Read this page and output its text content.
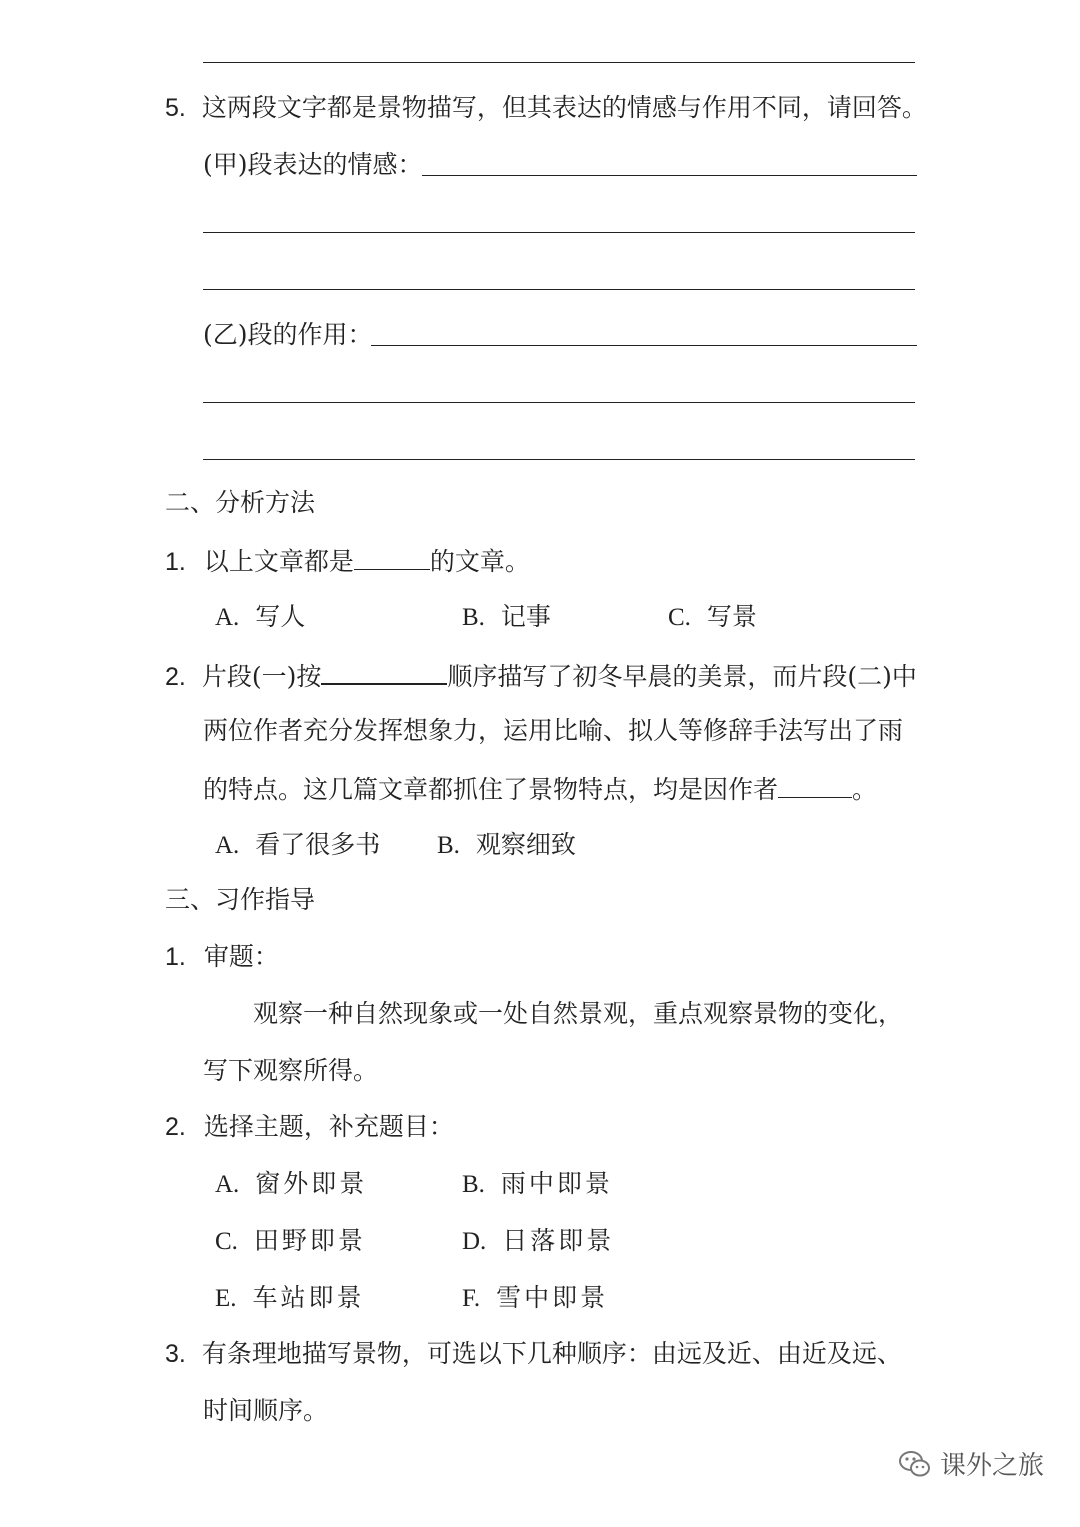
5. 这两段文字都是景物描写，但其表达的情感与作用不同，请回答。
(甲)段表达的情感：
(乙)段的作用：
二、分析方法
1. 以上文章都是	的文章。
A. 写人	B. 记事	C. 写景
2. 片段(一)按	顺序描写了初冬早晨的美景，而片段(二)中
两位作者充分发挥想象力，运用比喻、拟人等修辞手法写出了雨
的特点。这几篇文章都抓住了景物特点，均是因作者	。
A. 看了很多书 B. 观察细致
三、习作指导
1. 审题：
观察一种自然现象或一处自然景观，重点观察景物的变化，
写下观察所得。
2. 选择主题，补充题目：
A. 窗外即景	B. 雨中即景
C. 田野即景	D. 日落即景
E. 车站即景	F. 雪中即景
3. 有条理地描写景物，可选以下几种顺序：由远及近、由近及远、
时间顺序。
课外之旅
